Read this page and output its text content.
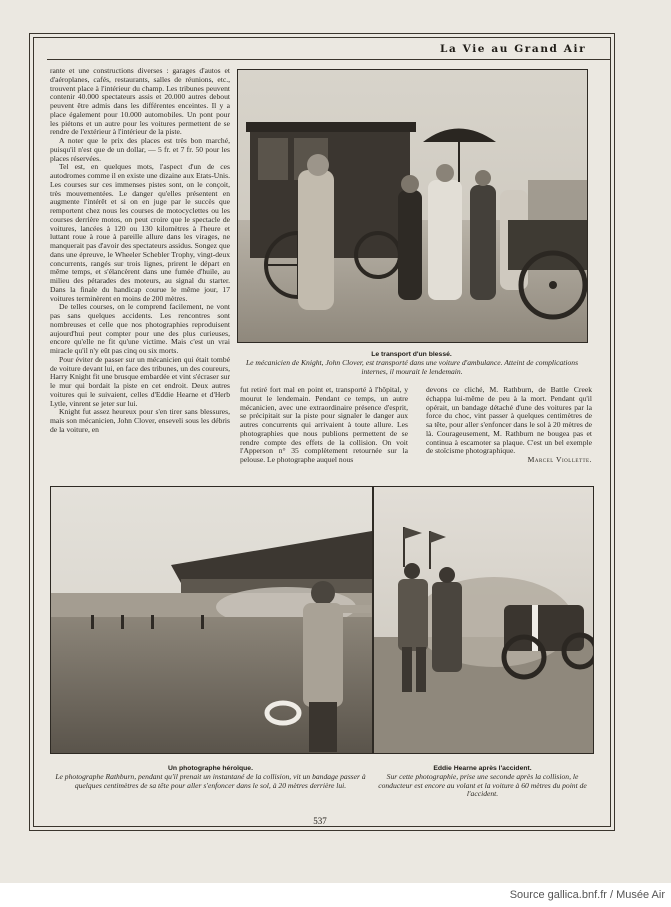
La Vie au Grand Air

rante et une constructions diverses : garages d'autos et d'aéroplanes, cafés, restaurants, salles de réunions, etc., trouvent place à l'intérieur du champ. Les tribunes peuvent contenir 40.000 spectateurs assis et 20.000 autres debout peuvent être admis dans les différentes enceintes. Il y a place également pour 10.000 automobiles. Un pont pour les piétons et un autre pour les voitures permettent de se rendre de l'extérieur à l'intérieur de la piste.

A noter que le prix des places est très bon marché, puisqu'il n'est que de un dollar, — 5 fr. et 7 fr. 50 pour les places réservées.

Tel est, en quelques mots, l'aspect d'un de ces autodromes comme il en existe une dizaine aux Etats-Unis. Les courses sur ces immenses pistes sont, on le conçoit, très mouvementées. Le danger qu'elles présentent en augmente l'intérêt et si on en juge par le succès que remportent chez nous les courses de motocyclettes ou les courses derrière motos, on peut croire que le spectacle de voitures, lancées à 120 ou 130 kilomètres à l'heure et luttant roue à roue à pareille allure dans les virages, ne manquerait pas d'avoir des spectateurs assidus. Songez que dans une épreuve, le Wheeler Schebler Trophy, vingt-deux concurrents, rangés sur trois lignes, prirent le départ en même temps, et s'élancèrent dans une fumée d'huile, au milieu des pétarades des moteurs, au signal du starter. Dans la finale du handicap courue le même jour, 17 voitures terminèrent en moins de 200 mètres.

De telles courses, on le comprend facilement, ne vont pas sans quelques accidents. Les rencontres sont nombreuses et celle que nos photographies reproduisent aujourd'hui peut compter pour une des plus curieuses, encore qu'elle ne fit qu'une victime. Mais c'est un vrai miracle qu'il n'y eût pas cinq ou six morts.

Pour éviter de passer sur un mécanicien qui était tombé de voiture devant lui, en face des tribunes, un des coureurs, Harry Knight fit une brusque embardée et vint s'écraser sur le mur qui bordait la piste en cet endroit. Deux autres voitures qui le suivaient, celles d'Eddie Hearne et d'Herb Lytle, vinrent se jeter sur lui.

Knight fut assez heureux pour s'en tirer sans blessures, mais son mécanicien, John Clover, enseveli sous les débris de la voiture, en

Le transport d'un blessé.
Le mécanicien de Knight, John Clover, est transporté dans une voiture d'ambulance. Atteint de complications internes, il mourait le lendemain.

fut retiré fort mal en point et, transporté à l'hôpital, y mourut le lendemain. Pendant ce temps, un autre mécanicien, avec une extraordinaire présence d'esprit, se précipitait sur la piste pour signaler le danger aux autres concurrents qui arrivaient à toute allure. Les photographies que nous publions permettent de se rendre compte des effets de la collision. On voit l'Apperson n° 35 complètement retournée sur la pelouse. Le photographe auquel nous

devons ce cliché, M. Rathburn, de Battle Creek échappa lui-même de peu à la mort. Pendant qu'il opérait, un bandage détaché d'une des voitures par la force du choc, vint passer à quelques centimètres de sa tête, pour aller s'enfoncer dans le sol à 20 mètres de là. Courageusement, M. Rathburn ne bougea pas et continua à escamoter sa plaque. C'est un bel exemple de stoïcisme photographique.

Marcel Viollette.

Un photographe héroïque.
Le photographe Rathburn, pendant qu'il prenait un instantané de la collision, vit un bandage passer à quelques centimètres de sa tête pour aller s'enfoncer dans le sol, à 20 mètres derrière lui.
Eddie Hearne après l'accident.
Sur cette photographie, prise une seconde après la collision, le conducteur est encore au volant et la voiture à 60 mètres du point de l'accident.
537
Source gallica.bnf.fr / Musée Air
